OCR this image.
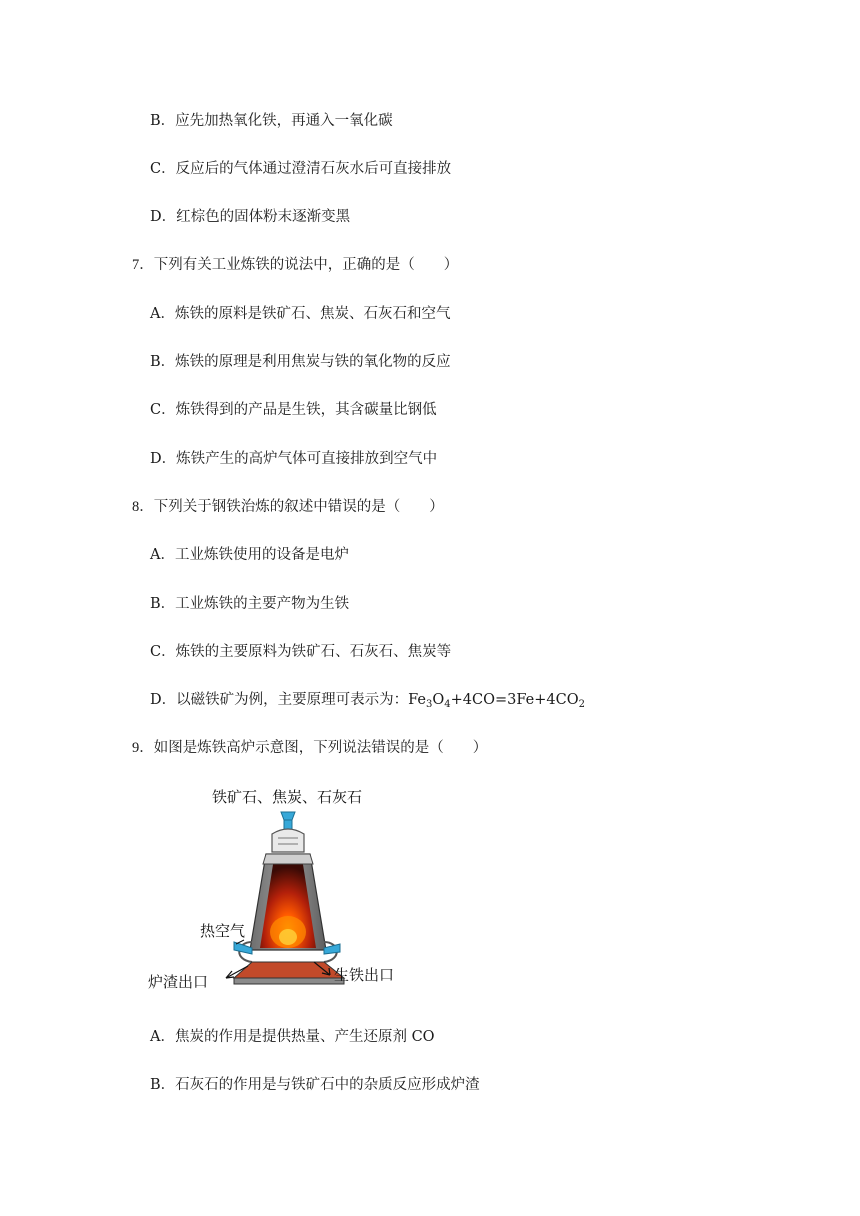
B．应先加热氧化铁，再通入一氧化碳
C．反应后的气体通过澄清石灰水后可直接排放
D．红棕色的固体粉末逐渐变黑
7．下列有关工业炼铁的说法中，正确的是（　　）
A．炼铁的原料是铁矿石、焦炭、石灰石和空气
B．炼铁的原理是利用焦炭与铁的氧化物的反应
C．炼铁得到的产品是生铁，其含碳量比钢低
D．炼铁产生的高炉气体可直接排放到空气中
8．下列关于钢铁治炼的叙述中错误的是（　　）
A．工业炼铁使用的设备是电炉
B．工业炼铁的主要产物为生铁
C．炼铁的主要原料为铁矿石、石灰石、焦炭等
D．以磁铁矿为例，主要原理可表示为：$Fe_3O_4+4CO=3Fe+4CO_2$
9．如图是炼铁高炉示意图，下列说法错误的是（　　）
铁矿石、焦炭、石灰石
热空气
炉渣出口	生铁出口
A．焦炭的作用是提供热量、产生还原剂 CO
B．石灰石的作用是与铁矿石中的杂质反应形成炉渣
